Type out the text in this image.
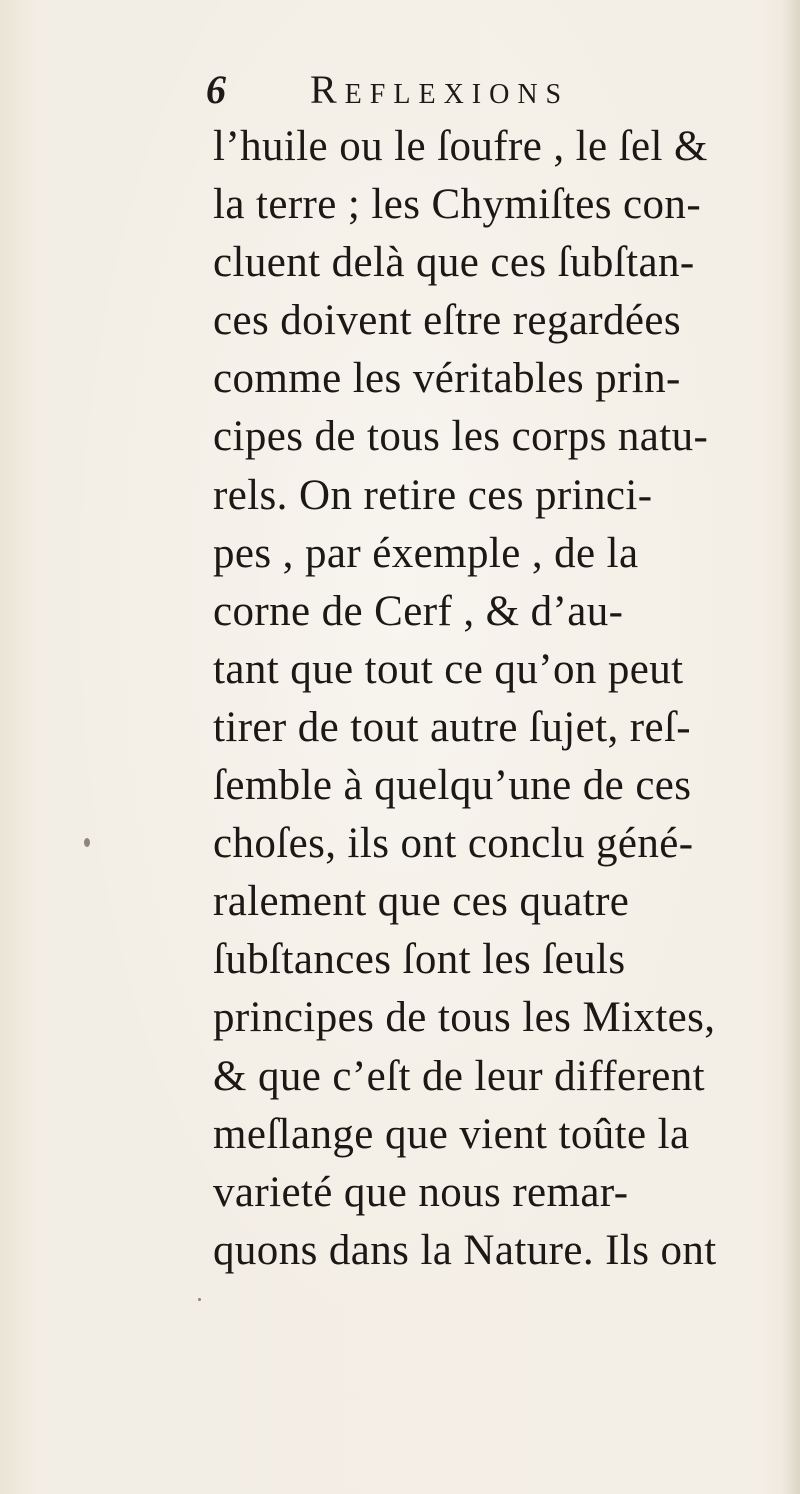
6 Reflexions
l’huile ou le ſoufre , le ſel &
la terre ; les Chymiſtes con-
cluent delà que ces ſubſtan-
ces doivent eſtre regardées
comme les véritables prin-
cipes de tous les corps natu-
rels. On retire ces princi-
pes , par éxemple , de la
corne de Cerf , & d’au-
tant que tout ce qu’on peut
tirer de tout autre ſujet, reſ-
ſemble à quelqu’une de ces
choſes, ils ont conclu géné-
ralement que ces quatre
ſubſtances ſont les ſeuls
principes de tous les Mixtes,
& que c’eſt de leur different
meſlange que vient toûte la
varieté que nous remar-
quons dans la Nature. Ils ont
